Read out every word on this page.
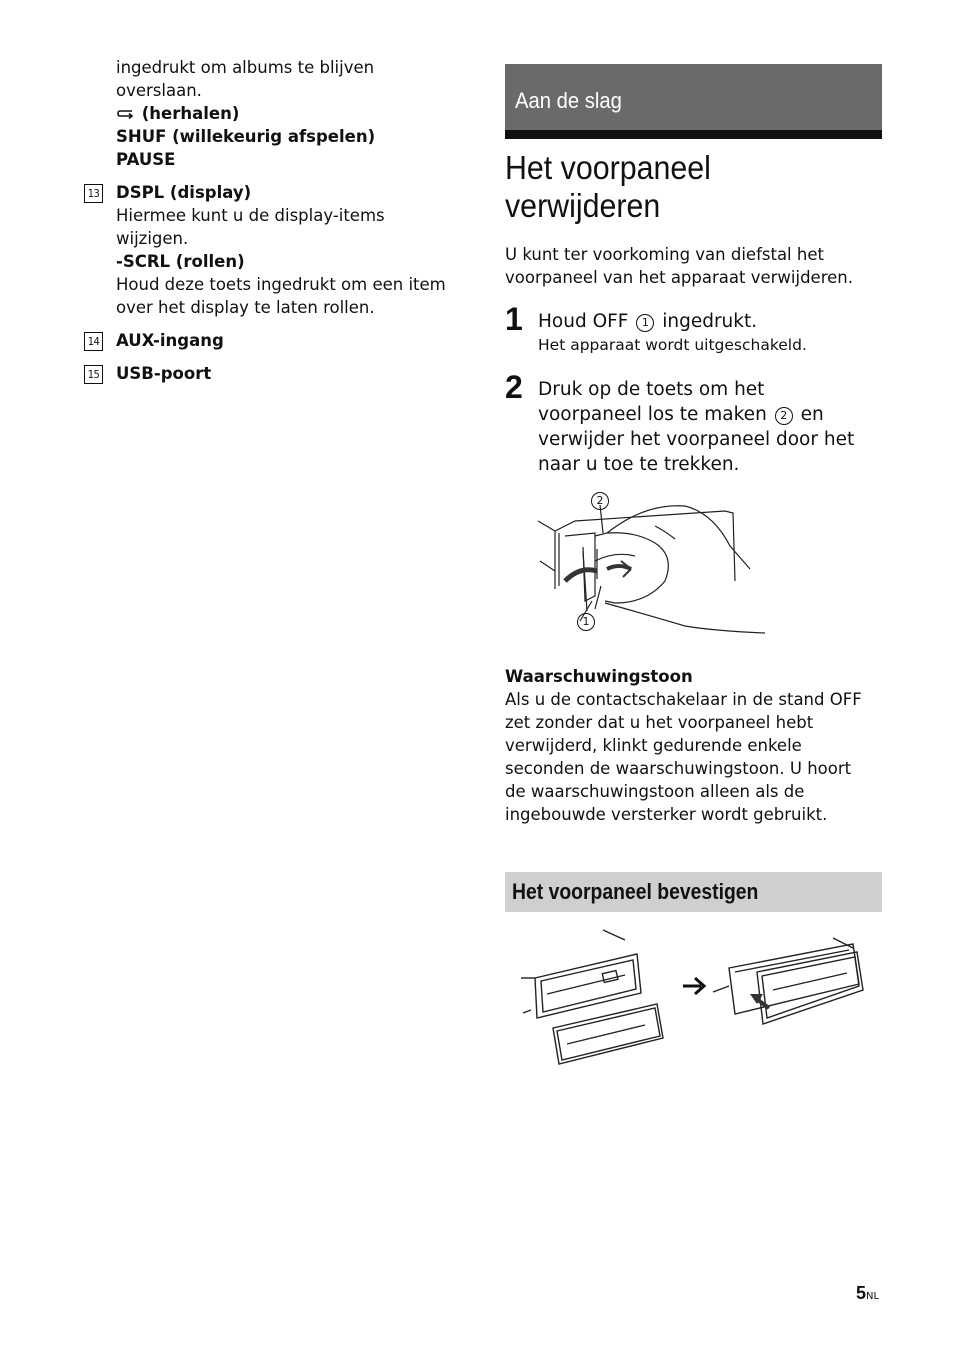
ingedrukt om albums te blijven
overslaan.
(herhalen)
SHUF (willekeurig afspelen)
PAUSE
13 DSPL (display)
Hiermee kunt u de display-items
wijzigen.
-SCRL (rollen)
Houd deze toets ingedrukt om een item
over het display te laten rollen.
14 AUX-ingang
15 USB-poort
Aan de slag
Het voorpaneel
verwijderen
U kunt ter voorkoming van diefstal het
voorpaneel van het apparaat verwijderen.
1 Houd OFF 1 ingedrukt.
Het apparaat wordt uitgeschakeld.
2 Druk op de toets om het
voorpaneel los te maken 2 en
verwijder het voorpaneel door het
naar u toe te trekken.
2
1
Waarschuwingstoon
Als u de contactschakelaar in de stand OFF
zet zonder dat u het voorpaneel hebt
verwijderd, klinkt gedurende enkele
seconden de waarschuwingstoon. U hoort
de waarschuwingstoon alleen als de
ingebouwde versterker wordt gebruikt.
Het voorpaneel bevestigen
5NL
